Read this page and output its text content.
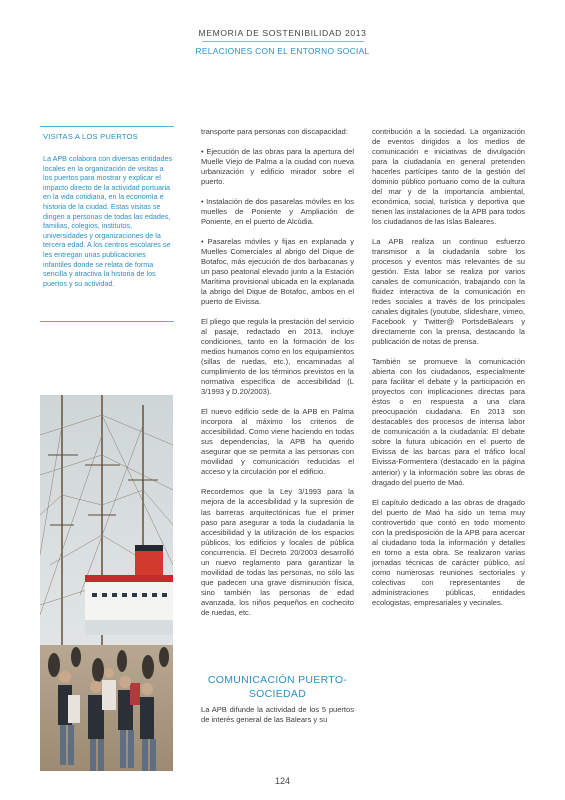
MEMORIA DE SOSTENIBILIDAD 2013
RELACIONES CON EL ENTORNO SOCIAL
VISITAS A LOS PUERTOS
La APB colabora con diversas entidades locales en la organización de visitas a los puertos para mostrar y explicar el impacto directo de la actividad portuaria en la vida cotidiana, en la economía e historia de la ciudad. Estas visitas se dirigen a personas de todas las edades, familias, colegios, institutos, universidades y organizaciones de la tercera edad. A los centros escolares se les entregan unas publicaciones infantiles donde se relata de forma sencilla y atractiva la historia de los puertos y su actividad.

transporte para personas con discapacidad:

• Ejecución de las obras para la apertura del Muelle Viejo de Palma a la ciudad con nueva urbanización y edificio mirador sobre el puerto.

• Instalación de dos pasarelas móviles en los muelles de Poniente y Ampliación de Poniente, en el puerto de Alcúdia.

• Pasarelas móviles y fijas en explanada y Muelles Comerciales al abrigo del Dique de Botafoc, más ejecución de dos barbacanas y un paso peatonal elevado junto a la Estación Marítima provisional ubicada en la explanada la abrigo del Dique de Botafoc, ambos en el puerto de Eivissa.

El pliego que regula la prestación del servicio al pasaje, redactado en 2013, incluye condiciones, tanto en la formación de los medios humanos como en los equipamientos (sillas de ruedas, etc.), encaminadas al cumplimiento de los términos previstos en la normativa específica de accesibilidad (L 3/1993 y D.20/2003).

El nuevo edificio sede de la APB en Palma incorpora al máximo los criterios de accesibilidad. Como viene haciendo en todas sus dependencias, la APB ha querido asegurar que se permita a las personas con movilidad y comunicación reducidas el acceso y la circulación por el edificio.

Recordemos que la Ley 3/1993 para la mejora de la accesibilidad y la supresión de las barreras arquitectónicas fue el primer paso para asegurar a toda la ciudadanía la accesibilidad y la utilización de los espacios públicos, los edificios y locales de pública concurrencia. El Decreto 20/2003 desarrolló un nuevo reglamento para garantizar la movilidad de todas las personas, no sólo las que padecen una grave disminución física, sino también las personas de edad avanzada, los niños pequeños en cochecito de ruedas, etc.

COMUNICACIÓN PUERTO-SOCIEDAD
La APB difunde la actividad de los 5 puertos de interés general de las Balears y su

contribución a la sociedad. La organización de eventos dirigidos a los medios de comunicación e iniciativas de divulgación para la ciudadanía en general pretenden hacerles partícipes tanto de la gestión del dominio público portuario como de la cultura del mar y de la importancia ambiental, económica, social, turística y deportiva que tienen las instalaciones de la APB para todos los ciudadanos de las Islas Baleares.

La APB realiza un continuo esfuerzo transmisor a la ciudadanía sobre los procesos y eventos más relevantes de su gestión. Esta labor se realiza por varios canales de comunicación, trabajando con la fluidez interactiva de la comunicación en redes sociales a través de los principales canales digitales (youtube, slideshare, vimeo, Facebook y Twitter@ PortsdeBalears y directamente con la prensa, destacando la publicación de notas de prensa.

También se promueve la comunicación abierta con los ciudadanos, especialmente para facilitar el debate y la participación en proyectos con implicaciones directas para éstos o en respuesta a una clara preocupación ciudadana. En 2013 son destacables dos procesos de intensa labor de comunicación a la ciudadanía: El debate sobre la futura ubicación en el puerto de Eivissa de las barcas para el tráfico local Eivissa-Formentera (destacado en la página anterior) y la información sobre las obras de dragado del puerto de Maó.

El capítulo dedicado a las obras de dragado del puerto de Maó ha sido un tema muy controvertido que contó en todo momento con la predisposición de la APB para acercar al ciudadano toda la información y detalles en torno a esta obra. Se realizaron varias jornadas técnicas de carácter público, así como numerosas reuniones sectoriales y colectivas con representantes de administraciones públicas, entidades ecologistas, empresariales y vecinales.

124
